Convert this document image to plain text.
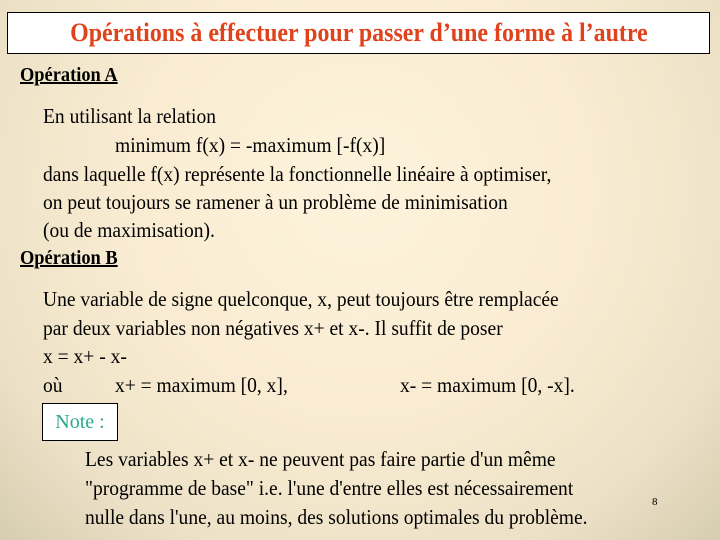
Opérations à effectuer pour passer d’une forme à l’autre
Opération A
En utilisant la relation
minimum f(x) = -maximum [-f(x)]
dans laquelle f(x) représente la fonctionnelle linéaire à optimiser,
on peut toujours se ramener à un problème de minimisation
(ou de maximisation).
Opération B
Une variable de signe quelconque, x, peut toujours être remplacée
par deux variables non négatives x+ et x-. Il suffit de poser
x = x+ - x-
où x+ = maximum [0, x],	x- = maximum [0, -x].
Note :
Les variables x+ et x- ne peuvent pas faire partie d'un même
"programme de base" i.e. l'une d'entre elles est nécessairement
nulle dans l'une, au moins, des solutions optimales du problème.
8
